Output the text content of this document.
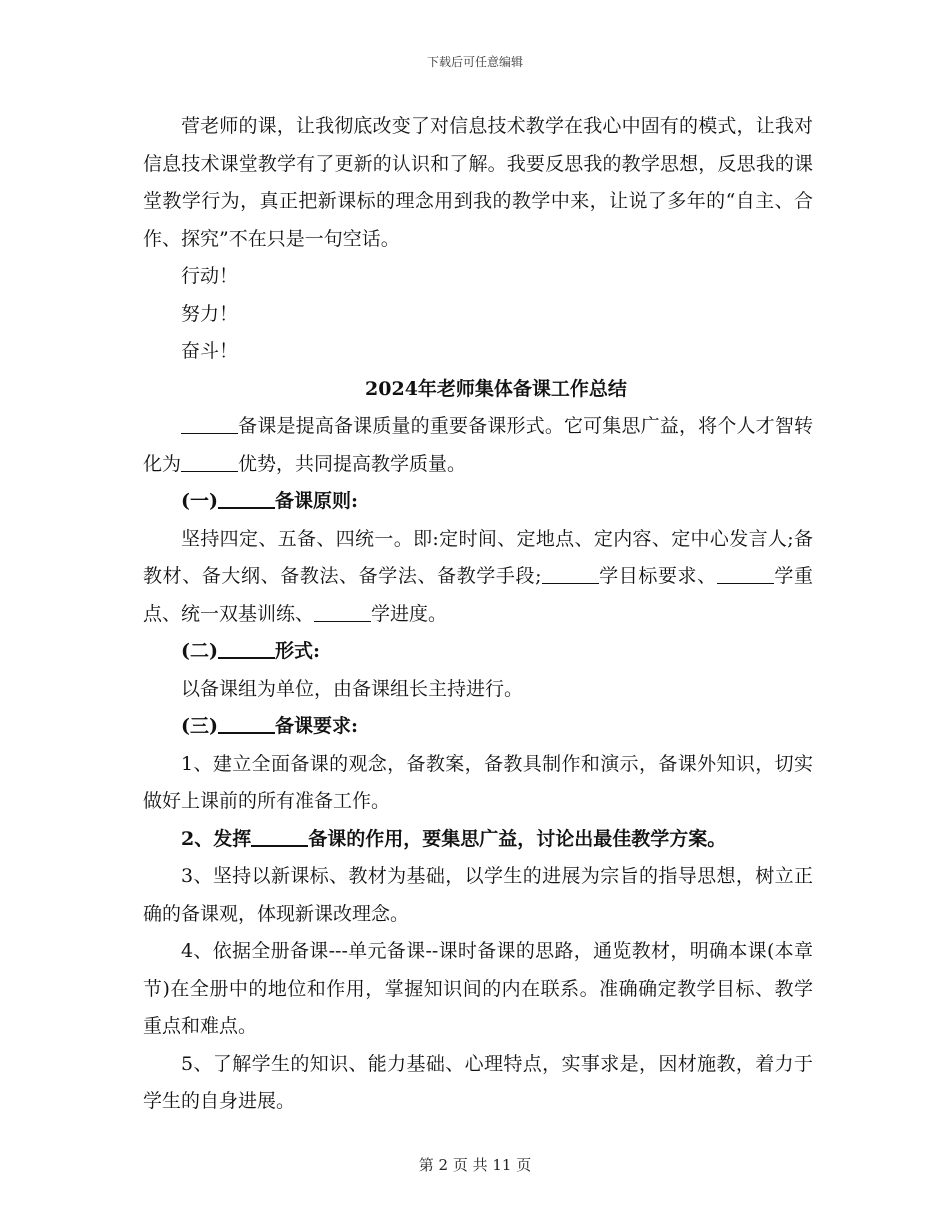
下载后可任意编辑

菅老师的课，让我彻底改变了对信息技术教学在我心中固有的模式，让我对信息技术课堂教学有了更新的认识和了解。我要反思我的教学思想，反思我的课堂教学行为，真正把新课标的理念用到我的教学中来，让说了多年的“自主、合作、探究”不在只是一句空话。

行动！

努力！

奋斗！

2024年老师集体备课工作总结

备课是提高备课质量的重要备课形式。它可集思广益，将个人才智转化为	优势，共同提高教学质量。

(一)	备课原则:

坚持四定、五备、四统一。即:定时间、定地点、定内容、定中心发言人;备教材、备大纲、备教法、备学法、备教学手段;	学目标要求、	学重点、统一双基训练、	学进度。

(二)	形式:

以备课组为单位，由备课组长主持进行。

(三)	备课要求:

1、建立全面备课的观念，备教案，备教具制作和演示，备课外知识，切实做好上课前的所有准备工作。

2、发挥	备课的作用，要集思广益，讨论出最佳教学方案。

3、坚持以新课标、教材为基础，以学生的进展为宗旨的指导思想，树立正确的备课观，体现新课改理念。

4、依据全册备课---单元备课--课时备课的思路，通览教材，明确本课(本章节)在全册中的地位和作用，掌握知识间的内在联系。准确确定教学目标、教学重点和难点。

5、了解学生的知识、能力基础、心理特点，实事求是，因材施教，着力于学生的自身进展。

第 2 页 共 11 页
